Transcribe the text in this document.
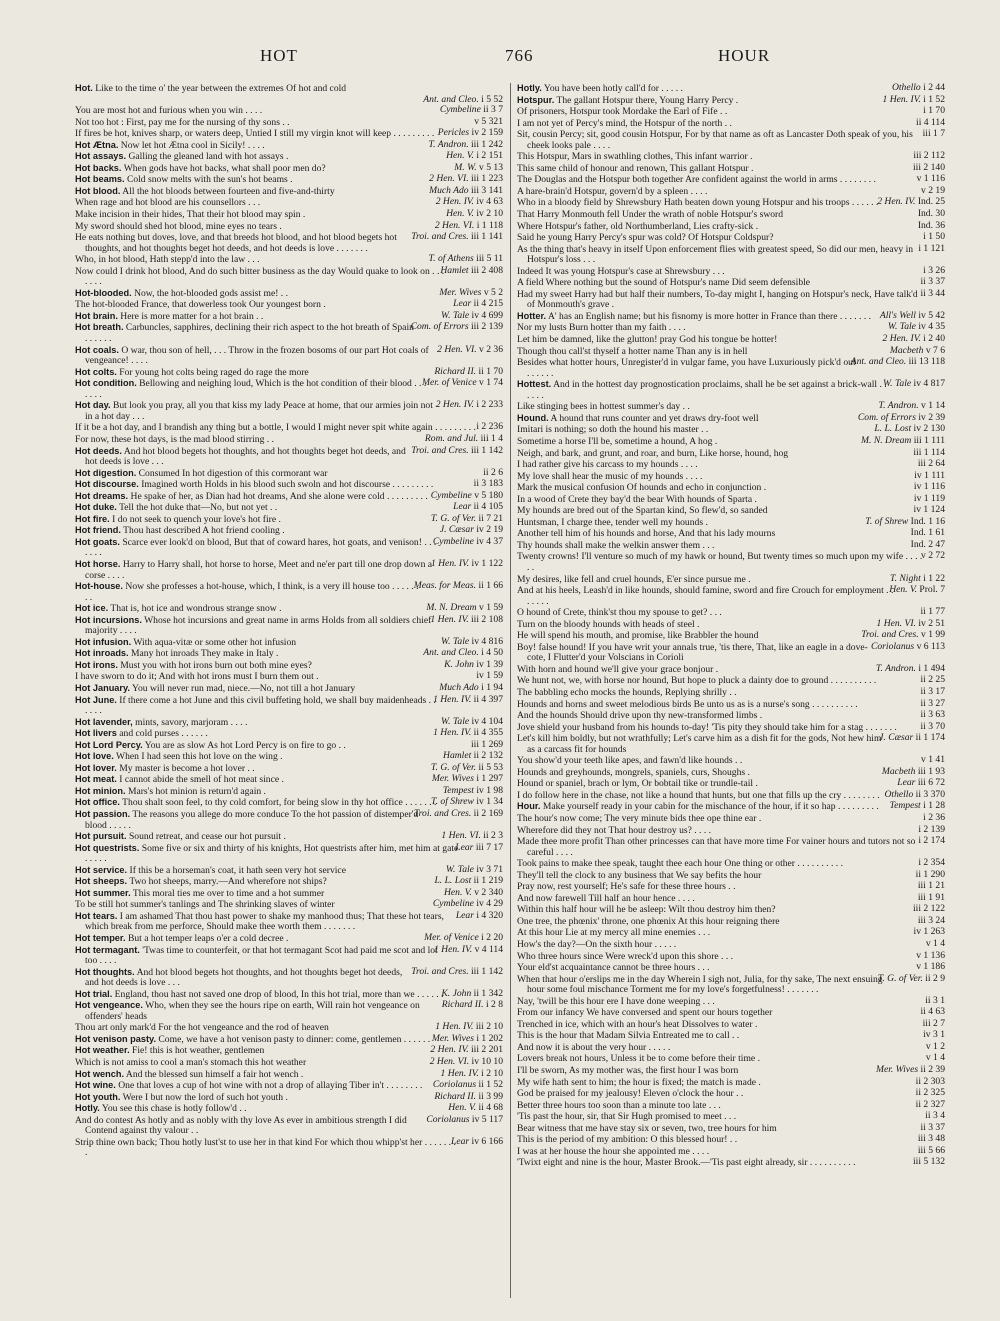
HOT	766	HOUR

Hot. Like to the time o' the year between the extremes Of hot and cold

Ant. and Cleo. i 5 52

Cymbeline ii 3 7
You are most hot and furious when you win . . . .

v 5 321
Not too hot : First, pay me for the nursing of thy sons . .

Pericles iv 2 159
If fires be hot, knives sharp, or waters deep, Untied I still my virgin knot will keep . . . . . . . . .

T. Andron. iii 1 242
Hot Ætna. Now let hot Ætna cool in Sicily! . . . .

Hen. V. i 2 151
Hot assays. Galling the gleaned land with hot assays .

M. W. v 5 13
Hot backs. When gods have hot backs, what shall poor men do?

2 Hen. VI. iii 1 223
Hot beams. Cold snow melts with the sun's hot beams .

Much Ado iii 3 141
Hot blood. All the hot bloods between fourteen and five-and-thirty

2 Hen. IV. iv 4 63
When rage and hot blood are his counsellors . . .

Hen. V. iv 2 10
Make incision in their hides, That their hot blood may spin .

2 Hen. VI. i 1 118
My sword should shed hot blood, mine eyes no tears .

Troi. and Cres. iii 1 141
He eats nothing but doves, love, and that breeds hot blood, and hot blood begets hot thoughts, and hot thoughts beget hot deeds, and hot deeds is love . . . . . . .

T. of Athens iii 5 11
Who, in hot blood, Hath stepp'd into the law . . .

Hamlet iii 2 408
Now could I drink hot blood, And do such bitter business as the day Would quake to look on . . . . . . .

Mer. Wives v 5 2
Hot-blooded. Now, the hot-blooded gods assist me! . .

Lear ii 4 215
The hot-blooded France, that dowerless took Our youngest born .

W. Tale iv 4 699
Hot brain. Here is more matter for a hot brain . .

Com. of Errors iii 2 139
Hot breath. Carbuncles, sapphires, declining their rich aspect to the hot breath of Spain . . . . . .

2 Hen. VI. v 2 36
Hot coals. O war, thou son of hell, . . . Throw in the frozen bosoms of our part Hot coals of vengeance! . . . .

Richard II. ii 1 70
Hot colts. For young hot colts being raged do rage the more

Mer. of Venice v 1 74
Hot condition. Bellowing and neighing loud, Which is the hot condition of their blood . . . . . . .

2 Hen. IV. i 2 233
Hot day. But look you pray, all you that kiss my lady Peace at home, that our armies join not in a hot day . . .

i 2 236
If it be a hot day, and I brandish any thing but a bottle, I would I might never spit white again . . . . . . . . .

Rom. and Jul. iii 1 4
For now, these hot days, is the mad blood stirring . .

Troi. and Cres. iii 1 142
Hot deeds. And hot blood begets hot thoughts, and hot thoughts beget hot deeds, and hot deeds is love . . .

ii 2 6
Hot digestion. Consumed In hot digestion of this cormorant war

ii 3 183
Hot discourse. Imagined worth Holds in his blood such swoln and hot discourse . . . . . . . . .

Cymbeline v 5 180
Hot dreams. He spake of her, as Dian had hot dreams, And she alone were cold . . . . . . . . .

Lear ii 4 105
Hot duke. Tell the hot duke that—No, but not yet . .

T. G. of Ver. ii 7 21
Hot fire. I do not seek to quench your love's hot fire .

J. Cæsar iv 2 19
Hot friend. Thou hast described A hot friend cooling .

Cymbeline iv 4 37
Hot goats. Scarce ever look'd on blood, But that of coward hares, hot goats, and venison! . . . . . . .

1 Hen. IV. iv 1 122
Hot horse. Harry to Harry shall, hot horse to horse, Meet and ne'er part till one drop down a corse . . . .

Meas. for Meas. ii 1 66
Hot-house. Now she professes a hot-house, which, I think, is a very ill house too . . . . . . . .

M. N. Dream v 1 59
Hot ice. That is, hot ice and wondrous strange snow .

1 Hen. IV. iii 2 108
Hot incursions. Whose hot incursions and great name in arms Holds from all soldiers chief majority . . . .

W. Tale iv 4 816
Hot infusion. With aqua-vitæ or some other hot infusion

Ant. and Cleo. i 4 50
Hot inroads. Many hot inroads They make in Italy .

K. John iv 1 39
Hot irons. Must you with hot irons burn out both mine eyes?

iv 1 59
I have sworn to do it; And with hot irons must I burn them out .

Much Ado i 1 94
Hot January. You will never run mad, niece.—No, not till a hot January

1 Hen. IV. ii 4 397
Hot June. If there come a hot June and this civil buffeting hold, we shall buy maidenheads . . . . . .

W. Tale iv 4 104
Hot lavender, mints, savory, marjoram . . . .

1 Hen. IV. ii 4 355
Hot livers and cold purses . . . . . .

iii 1 269
Hot Lord Percy. You are as slow As hot Lord Percy is on fire to go . .

Hamlet ii 2 132
Hot love. When I had seen this hot love on the wing .

T. G. of Ver. ii 5 53
Hot lover. My master is become a hot lover . .

Mer. Wives i 1 297
Hot meat. I cannot abide the smell of hot meat since .

Tempest iv 1 98
Hot minion. Mars's hot minion is return'd again .

T. of Shrew iv 1 34
Hot office. Thou shalt soon feel, to thy cold comfort, for being slow in thy hot office . . . . . . .

Troi. and Cres. ii 2 169
Hot passion. The reasons you allege do more conduce To the hot passion of distemper'd blood . . . . .

1 Hen. VI. ii 2 3
Hot pursuit. Sound retreat, and cease our hot pursuit .

Lear iii 7 17
Hot questrists. Some five or six and thirty of his knights, Hot questrists after him, met him at gate . . . . .

W. Tale iv 3 71
Hot service. If this be a horseman's coat, it hath seen very hot service

L. L. Lost ii 1 219
Hot sheeps. Two hot sheeps, marry.—And wherefore not ships?

Hen. V. v 2 340
Hot summer. This moral ties me over to time and a hot summer

Cymbeline iv 4 29
To be still hot summer's tanlings and The shrinking slaves of winter

Lear i 4 320
Hot tears. I am ashamed That thou hast power to shake my manhood thus; That these hot tears, which break from me perforce, Should make thee worth them . . . . . . .

Mer. of Venice i 2 20
Hot temper. But a hot temper leaps o'er a cold decree .

1 Hen. IV. v 4 114
Hot termagant. 'Twas time to counterfeit, or that hot termagant Scot had paid me scot and lot too . . . .

Troi. and Cres. iii 1 142
Hot thoughts. And hot blood begets hot thoughts, and hot thoughts beget hot deeds, and hot deeds is love . . .

K. John ii 1 342
Hot trial. England, thou hast not saved one drop of blood, In this hot trial, more than we . . . . . .

Richard II. i 2 8
Hot vengeance. Who, when they see the hours ripe on earth, Will rain hot vengeance on offenders' heads

1 Hen. IV. iii 2 10
Thou art only mark'd For the hot vengeance and the rod of heaven

Mer. Wives i 1 202
Hot venison pasty. Come, we have a hot venison pasty to dinner: come, gentlemen . . . . . .

2 Hen. IV. iii 2 201
Hot weather. Fie! this is hot weather, gentlemen

2 Hen. VI. iv 10 10
Which is not amiss to cool a man's stomach this hot weather

1 Hen. IV. i 2 10
Hot wench. And the blessed sun himself a fair hot wench .

Coriolanus ii 1 52
Hot wine. One that loves a cup of hot wine with not a drop of allaying Tiber in't . . . . . . . .

Richard II. ii 3 99
Hot youth. Were I but now the lord of such hot youth .

Hen. V. ii 4 68
Hotly. You see this chase is hotly follow'd . .

Coriolanus iv 5 117
And do contest As hotly and as nobly with thy love As ever in ambitious strength I did Contend against thy valour . .

Lear iv 6 166
Strip thine own back; Thou hotly lust'st to use her in that kind For which thou whipp'st her . . . . . . . .

Othello i 2 44
Hotly. You have been hotly call'd for . . . . .

1 Hen. IV. i 1 52
Hotspur. The gallant Hotspur there, Young Harry Percy .

i 1 70
Of prisoners, Hotspur took Mordake the Earl of Fife . .

ii 4 114
I am not yet of Percy's mind, the Hotspur of the north . .

iii 1 7
Sit, cousin Percy; sit, good cousin Hotspur, For by that name as oft as Lancaster Doth speak of you, his cheek looks pale . . . .

iii 2 112
This Hotspur, Mars in swathling clothes, This infant warrior .

iii 2 140
This same child of honour and renown, This gallant Hotspur .

v 1 116
The Douglas and the Hotspur both together Are confident against the world in arms . . . . . . . .

v 2 19
A hare-brain'd Hotspur, govern'd by a spleen . . . .

2 Hen. IV. Ind. 25
Who in a bloody field by Shrewsbury Hath beaten down young Hotspur and his troops . . . . . .

Ind. 30
That Harry Monmouth fell Under the wrath of noble Hotspur's sword

Ind. 36
Where Hotspur's father, old Northumberland, Lies crafty-sick .

i 1 50
Said he young Harry Percy's spur was cold? Of Hotspur Coldspur?

i 1 121
As the thing that's heavy in itself Upon enforcement flies with greatest speed, So did our men, heavy in Hotspur's loss . . .

i 3 26
Indeed It was young Hotspur's case at Shrewsbury . . .

ii 3 37
A field Where nothing but the sound of Hotspur's name Did seem defensible

ii 3 44
Had my sweet Harry had but half their numbers, To-day might I, hanging on Hotspur's neck, Have talk'd of Monmouth's grave .

All's Well iv 5 42
Hotter. A' has an English name; but his fisnomy is more hotter in France than there . . . . . . .

W. Tale iv 4 35
Nor my lusts Burn hotter than my faith . . . .

2 Hen. IV. i 2 40
Let him be damned, like the glutton! pray God his tongue be hotter!

Macbeth v 7 6
Though thou call'st thyself a hotter name Than any is in hell

Ant. and Cleo. iii 13 118
Besides what hotter hours, Unregister'd in vulgar fame, you have Luxuriously pick'd out . . . . . .

W. Tale iv 4 817
Hottest. And in the hottest day prognostication proclaims, shall he be set against a brick-wall . . . . . .

T. Andron. v 1 14
Like stinging bees in hottest summer's day . .

Com. of Errors iv 2 39
Hound. A hound that runs counter and yet draws dry-foot well

L. L. Lost iv 2 130
Imitari is nothing; so doth the hound his master . .

M. N. Dream iii 1 111
Sometime a horse I'll be, sometime a hound, A hog .

iii 1 114
Neigh, and bark, and grunt, and roar, and burn, Like horse, hound, hog

iii 2 64
I had rather give his carcass to my hounds . . . .

iv 1 111
My love shall hear the music of my hounds . . . .

iv 1 116
Mark the musical confusion Of hounds and echo in conjunction .

iv 1 119
In a wood of Crete they bay'd the bear With hounds of Sparta .

iv 1 124
My hounds are bred out of the Spartan kind, So flew'd, so sanded

T. of Shrew Ind. 1 16
Huntsman, I charge thee, tender well my hounds .

Ind. 1 61
Another tell him of his hounds and horse, And that his lady mourns

Ind. 2 47
Thy hounds shall make the welkin answer them . . .

v 2 72
Twenty crowns! I'll venture so much of my hawk or hound, But twenty times so much upon my wife . . . . . .

T. Night i 1 22
My desires, like fell and cruel hounds, E'er since pursue me .

Hen. V. Prol. 7
And at his heels, Leash'd in like hounds, should famine, sword and fire Crouch for employment . . . . . . .

ii 1 77
O hound of Crete, think'st thou my spouse to get? . . .

1 Hen. VI. iv 2 51
Turn on the bloody hounds with heads of steel .

Troi. and Cres. v 1 99
He will spend his mouth, and promise, like Brabbler the hound

Coriolanus v 6 113
Boy! false hound! If you have writ your annals true, 'tis there, That, like an eagle in a dove-cote, I Flutter'd your Volscians in Corioli

T. Andron. i 1 494
With horn and hound we'll give your grace bonjour .

ii 2 25
We hunt not, we, with horse nor hound, But hope to pluck a dainty doe to ground . . . . . . . . . .

ii 3 17
The babbling echo mocks the hounds, Replying shrilly . .

ii 3 27
Hounds and horns and sweet melodious birds Be unto us as is a nurse's song . . . . . . . . . .

ii 3 63
And the hounds Should drive upon thy new-transformed limbs .

ii 3 70
Jove shield your husband from his hounds to-day! 'Tis pity they should take him for a stag . . . . . . .

J. Cæsar ii 1 174
Let's kill him boldly, but not wrathfully; Let's carve him as a dish fit for the gods, Not hew him as a carcass fit for hounds

v 1 41
You show'd your teeth like apes, and fawn'd like hounds . .

Macbeth iii 1 93
Hounds and greyhounds, mongrels, spaniels, curs, Shoughs .

Lear iii 6 72
Hound or spaniel, brach or lym, Or bobtail tike or trundle-tail .

Othello ii 3 370
I do follow here in the chase, not like a hound that hunts, but one that fills up the cry . . . . . . . .

Tempest i 1 28
Hour. Make yourself ready in your cabin for the mischance of the hour, if it so hap . . . . . . . . .

i 2 36
The hour's now come; The very minute bids thee ope thine ear .

i 2 139
Wherefore did they not That hour destroy us? . . . .

i 2 174
Made thee more profit Than other princesses can that have more time For vainer hours and tutors not so careful . . . .

i 2 354
Took pains to make thee speak, taught thee each hour One thing or other . . . . . . . . . .

ii 1 290
They'll tell the clock to any business that We say befits the hour

iii 1 21
Pray now, rest yourself; He's safe for these three hours . .

iii 1 91
And now farewell Till half an hour hence . . . .

iii 2 122
Within this half hour will he be asleep: Wilt thou destroy him then?

iii 3 24
One tree, the phœnix' throne, one phœnix At this hour reigning there

iv 1 263
At this hour Lie at my mercy all mine enemies . . .

v 1 4
How's the day?—On the sixth hour . . . . .

v 1 136
Who three hours since Were wreck'd upon this shore . . .

v 1 186
Your eld'st acquaintance cannot be three hours . . .

T. G. of Ver. ii 2 9
When that hour o'erslips me in the day Wherein I sigh not, Julia, for thy sake, The next ensuing hour some foul mischance Torment me for my love's forgetfulness! . . . . . . .

ii 3 1
Nay, 'twill be this hour ere I have done weeping . . .

ii 4 63
From our infancy We have conversed and spent our hours together

iii 2 7
Trenched in ice, which with an hour's heat Dissolves to water .

iv 3 1
This is the hour that Madam Silvia Entreated me to call . .

v 1 2
And now it is about the very hour . . . . .

v 1 4
Lovers break not hours, Unless it be to come before their time .

Mer. Wives ii 2 39
I'll be sworn, As my mother was, the first hour I was born

ii 2 303
My wife hath sent to him; the hour is fixed; the match is made .

ii 2 325
God be praised for my jealousy! Eleven o'clock the hour . .

ii 2 327
Better three hours too soon than a minute too late . . .

ii 3 4
'Tis past the hour, sir, that Sir Hugh promised to meet . . .

ii 3 37
Bear witness that me have stay six or seven, two, tree hours for him

iii 3 48
This is the period of my ambition: O this blessed hour! . .

iii 5 66
I was at her house the hour she appointed me . . . .

iii 5 132
'Twixt eight and nine is the hour, Master Brook.—'Tis past eight already, sir . . . . . . . . . .
